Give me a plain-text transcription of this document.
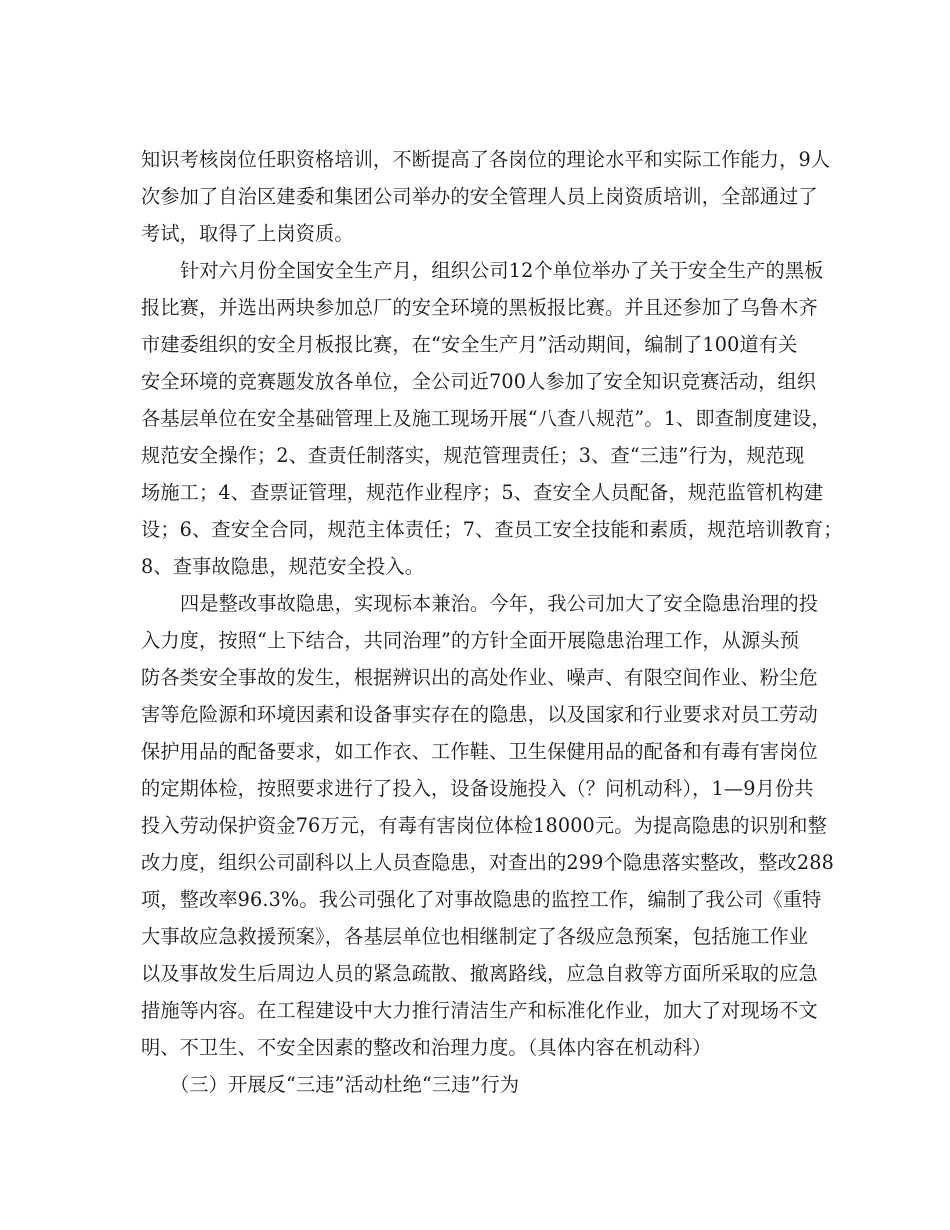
知识考核岗位任职资格培训，不断提高了各岗位的理论水平和实际工作能力，9人
次参加了自治区建委和集团公司举办的安全管理人员上岗资质培训，全部通过了
考试，取得了上岗资质。
针对六月份全国安全生产月，组织公司12个单位举办了关于安全生产的黑板
报比赛，并选出两块参加总厂的安全环境的黑板报比赛。并且还参加了乌鲁木齐
市建委组织的安全月板报比赛，在“安全生产月”活动期间，编制了100道有关
安全环境的竞赛题发放各单位，全公司近700人参加了安全知识竞赛活动，组织
各基层单位在安全基础管理上及施工现场开展“八查八规范”。1、即查制度建设，
规范安全操作；2、查责任制落实，规范管理责任；3、查“三违”行为，规范现
场施工；4、查票证管理，规范作业程序；5、查安全人员配备，规范监管机构建
设；6、查安全合同，规范主体责任；7、查员工安全技能和素质，规范培训教育；
8、查事故隐患，规范安全投入。
四是整改事故隐患，实现标本兼治。今年，我公司加大了安全隐患治理的投
入力度，按照“上下结合，共同治理”的方针全面开展隐患治理工作，从源头预
防各类安全事故的发生，根据辨识出的高处作业、噪声、有限空间作业、粉尘危
害等危险源和环境因素和设备事实存在的隐患，以及国家和行业要求对员工劳动
保护用品的配备要求，如工作衣、工作鞋、卫生保健用品的配备和有毒有害岗位
的定期体检，按照要求进行了投入，设备设施投入（？问机动科），1—9月份共
投入劳动保护资金76万元，有毒有害岗位体检18000元。为提高隐患的识别和整
改力度，组织公司副科以上人员查隐患，对查出的299个隐患落实整改，整改288
项，整改率96.3%。我公司强化了对事故隐患的监控工作，编制了我公司《重特
大事故应急救援预案》，各基层单位也相继制定了各级应急预案，包括施工作业
以及事故发生后周边人员的紧急疏散、撤离路线，应急自救等方面所采取的应急
措施等内容。在工程建设中大力推行清洁生产和标准化作业，加大了对现场不文
明、不卫生、不安全因素的整改和治理力度。（具体内容在机动科）
（三）开展反“三违”活动杜绝“三违”行为
